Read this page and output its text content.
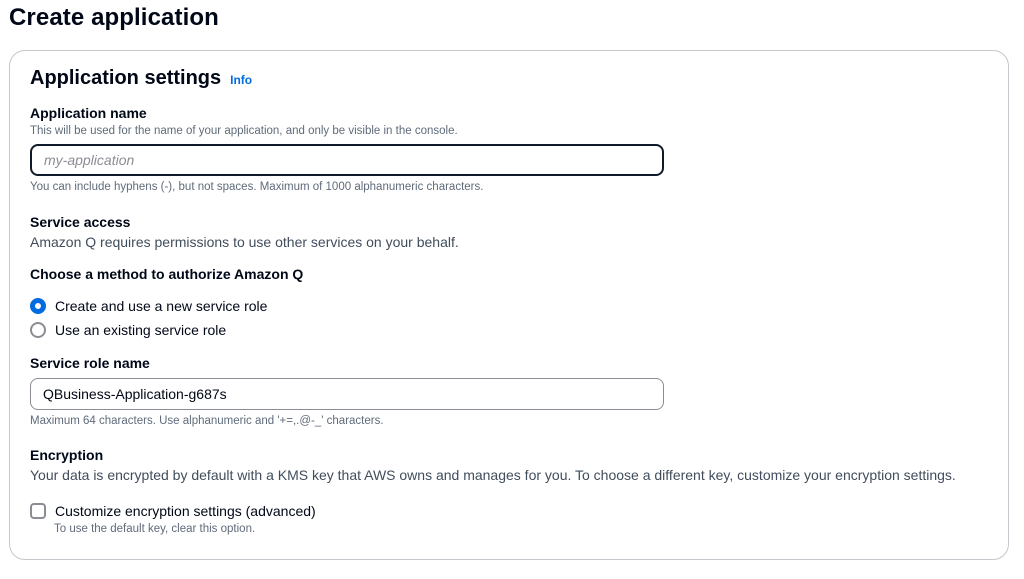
Create application
Application settings Info
Application name
This will be used for the name of your application, and only be visible in the console.
my-application
You can include hyphens (-), but not spaces. Maximum of 1000 alphanumeric characters.
Service access
Amazon Q requires permissions to use other services on your behalf.
Choose a method to authorize Amazon Q
Create and use a new service role
Use an existing service role
Service role name
QBusiness-Application-g687s
Maximum 64 characters. Use alphanumeric and '+=,.@-_' characters.
Encryption
Your data is encrypted by default with a KMS key that AWS owns and manages for you. To choose a different key, customize your encryption settings.
Customize encryption settings (advanced)
To use the default key, clear this option.
